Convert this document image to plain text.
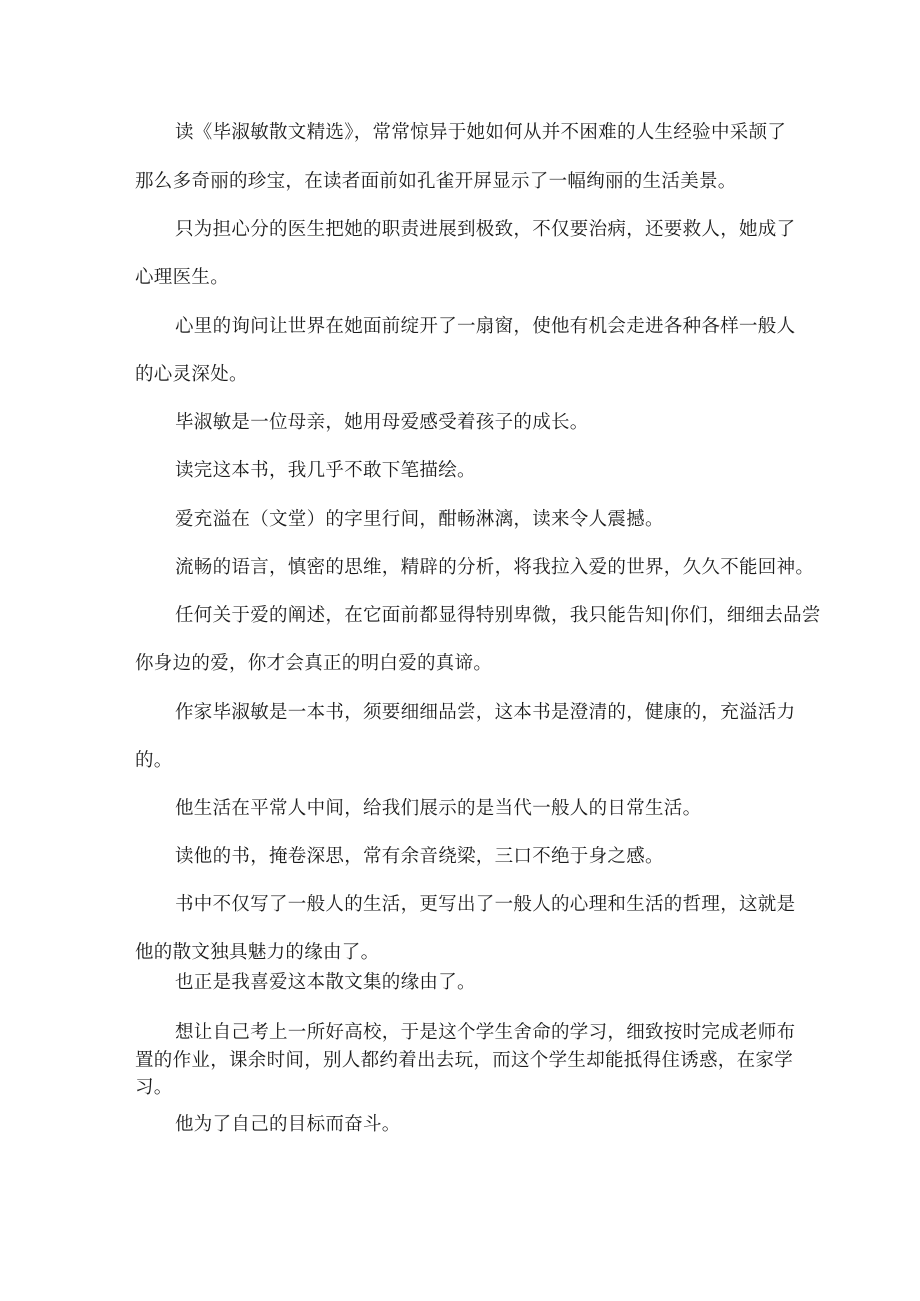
读《毕淑敏散文精选》，常常惊异于她如何从并不困难的人生经验中采颉了
那么多奇丽的珍宝，在读者面前如孔雀开屏显示了一幅绚丽的生活美景。
只为担心分的医生把她的职责进展到极致，不仅要治病，还要救人，她成了
心理医生。
心里的询问让世界在她面前绽开了一扇窗，使他有机会走进各种各样一般人
的心灵深处。
毕淑敏是一位母亲，她用母爱感受着孩子的成长。
读完这本书，我几乎不敢下笔描绘。
爱充溢在（文堂）的字里行间，酣畅淋漓，读来令人震撼。
流畅的语言，慎密的思维，精辟的分析，将我拉入爱的世界，久久不能回神。
任何关于爱的阐述，在它面前都显得特别卑微，我只能告知|你们，细细去品尝
你身边的爱，你才会真正的明白爱的真谛。
作家毕淑敏是一本书，须要细细品尝，这本书是澄清的，健康的，充溢活力
的。
他生活在平常人中间，给我们展示的是当代一般人的日常生活。
读他的书，掩卷深思，常有余音绕梁，三口不绝于身之感。
书中不仅写了一般人的生活，更写出了一般人的心理和生活的哲理，这就是
他的散文独具魅力的缘由了。
也正是我喜爱这本散文集的缘由了。
想让自己考上一所好高校，于是这个学生舍命的学习，细致按时完成老师布
置的作业，课余时间，别人都约着出去玩，而这个学生却能抵得住诱惑，在家学
习。
他为了自己的目标而奋斗。
